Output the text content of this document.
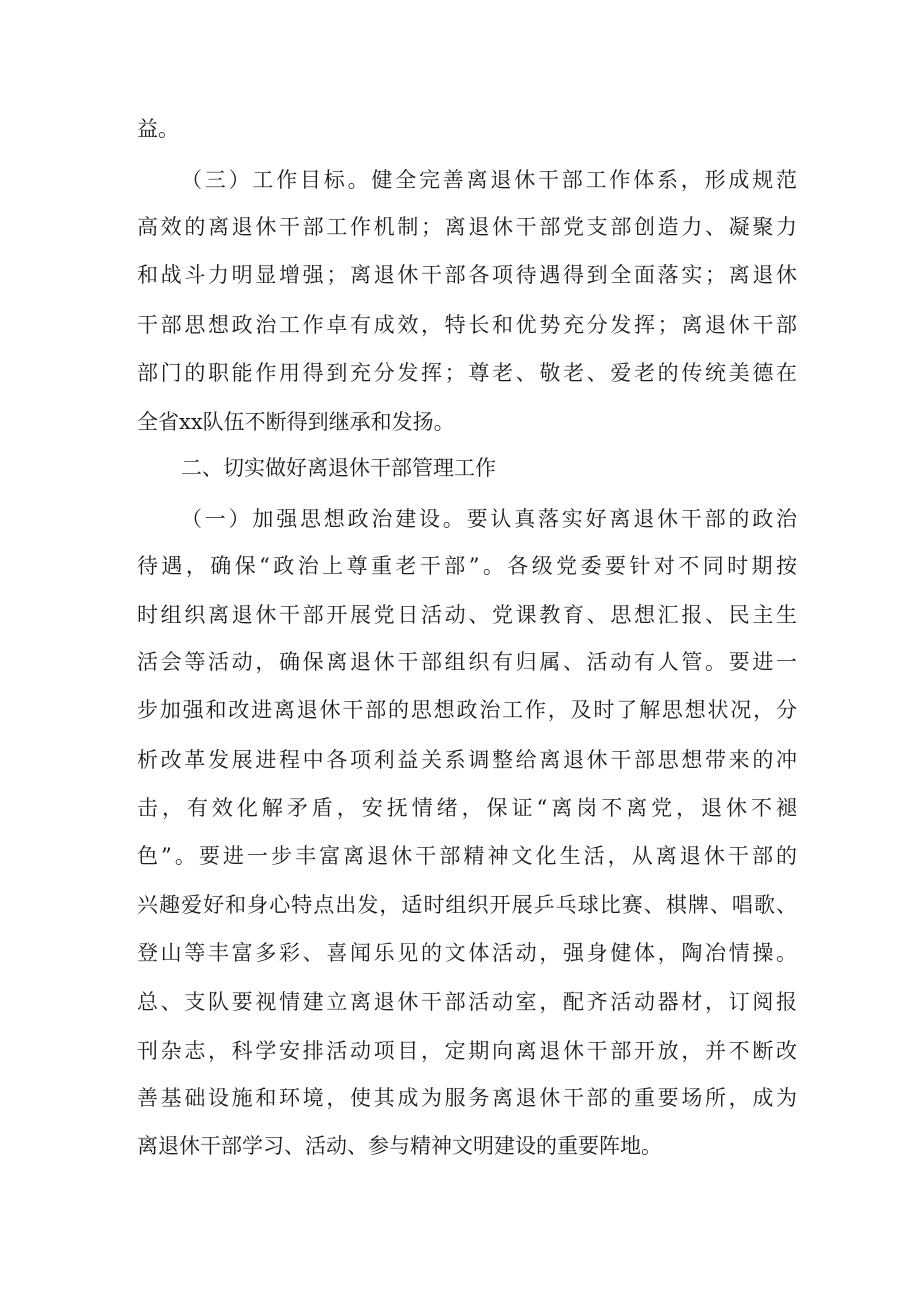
益。
（三）工作目标。健全完善离退休干部工作体系，形成规范
高效的离退休干部工作机制；离退休干部党支部创造力、凝聚力
和战斗力明显增强；离退休干部各项待遇得到全面落实；离退休
干部思想政治工作卓有成效，特长和优势充分发挥；离退休干部
部门的职能作用得到充分发挥；尊老、敬老、爱老的传统美德在
全省xx队伍不断得到继承和发扬。
二、切实做好离退休干部管理工作
（一）加强思想政治建设。要认真落实好离退休干部的政治
待遇，确保“政治上尊重老干部”。各级党委要针对不同时期按
时组织离退休干部开展党日活动、党课教育、思想汇报、民主生
活会等活动，确保离退休干部组织有归属、活动有人管。要进一
步加强和改进离退休干部的思想政治工作，及时了解思想状况，分
析改革发展进程中各项利益关系调整给离退休干部思想带来的冲
击，有效化解矛盾，安抚情绪，保证“离岗不离党，退休不褪
色”。要进一步丰富离退休干部精神文化生活，从离退休干部的
兴趣爱好和身心特点出发，适时组织开展乒乓球比赛、棋牌、唱歌、
登山等丰富多彩、喜闻乐见的文体活动，强身健体，陶冶情操。
总、支队要视情建立离退休干部活动室，配齐活动器材，订阅报
刊杂志，科学安排活动项目，定期向离退休干部开放，并不断改
善基础设施和环境，使其成为服务离退休干部的重要场所，成为
离退休干部学习、活动、参与精神文明建设的重要阵地。
